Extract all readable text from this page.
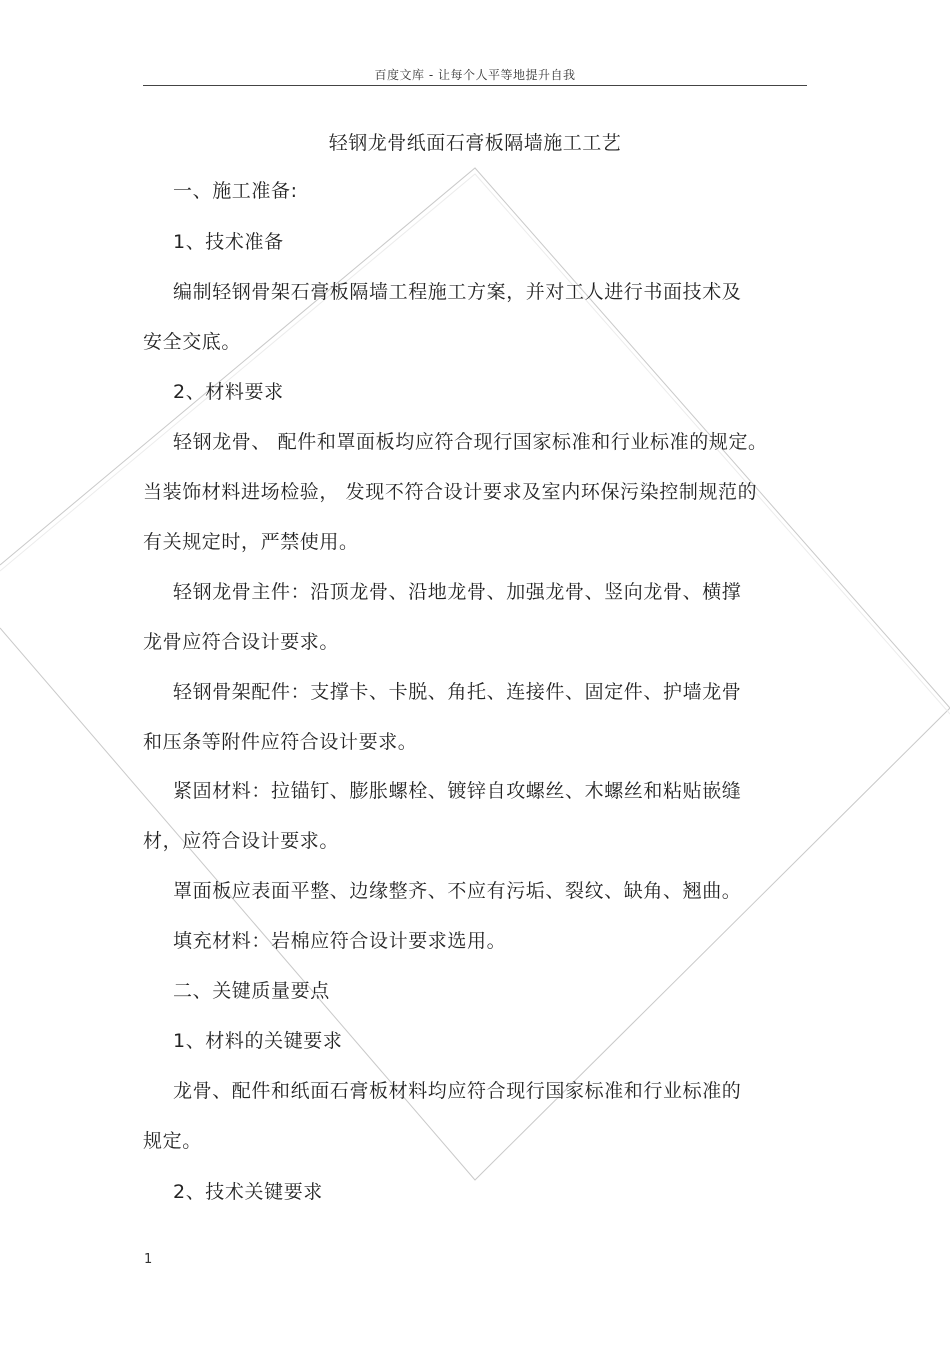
百度文库 - 让每个人平等地提升自我
轻钢龙骨纸面石膏板隔墙施工工艺
一、施工准备:
1、技术准备
编制轻钢骨架石膏板隔墙工程施工方案，并对工人进行书面技术及
安全交底。
2、材料要求
轻钢龙骨、 配件和罩面板均应符合现行国家标准和行业标准的规定。
当装饰材料进场检验， 发现不符合设计要求及室内环保污染控制规范的
有关规定时，严禁使用。
轻钢龙骨主件：沿顶龙骨、沿地龙骨、加强龙骨、竖向龙骨、横撑
龙骨应符合设计要求。
轻钢骨架配件：支撑卡、卡脱、角托、连接件、固定件、护墙龙骨
和压条等附件应符合设计要求。
紧固材料：拉锚钉、膨胀螺栓、镀锌自攻螺丝、木螺丝和粘贴嵌缝
材，应符合设计要求。
罩面板应表面平整、边缘整齐、不应有污垢、裂纹、缺角、翘曲。
填充材料：岩棉应符合设计要求选用。
二、关键质量要点
1、材料的关键要求
龙骨、配件和纸面石膏板材料均应符合现行国家标准和行业标准的
规定。
2、技术关键要求
1
